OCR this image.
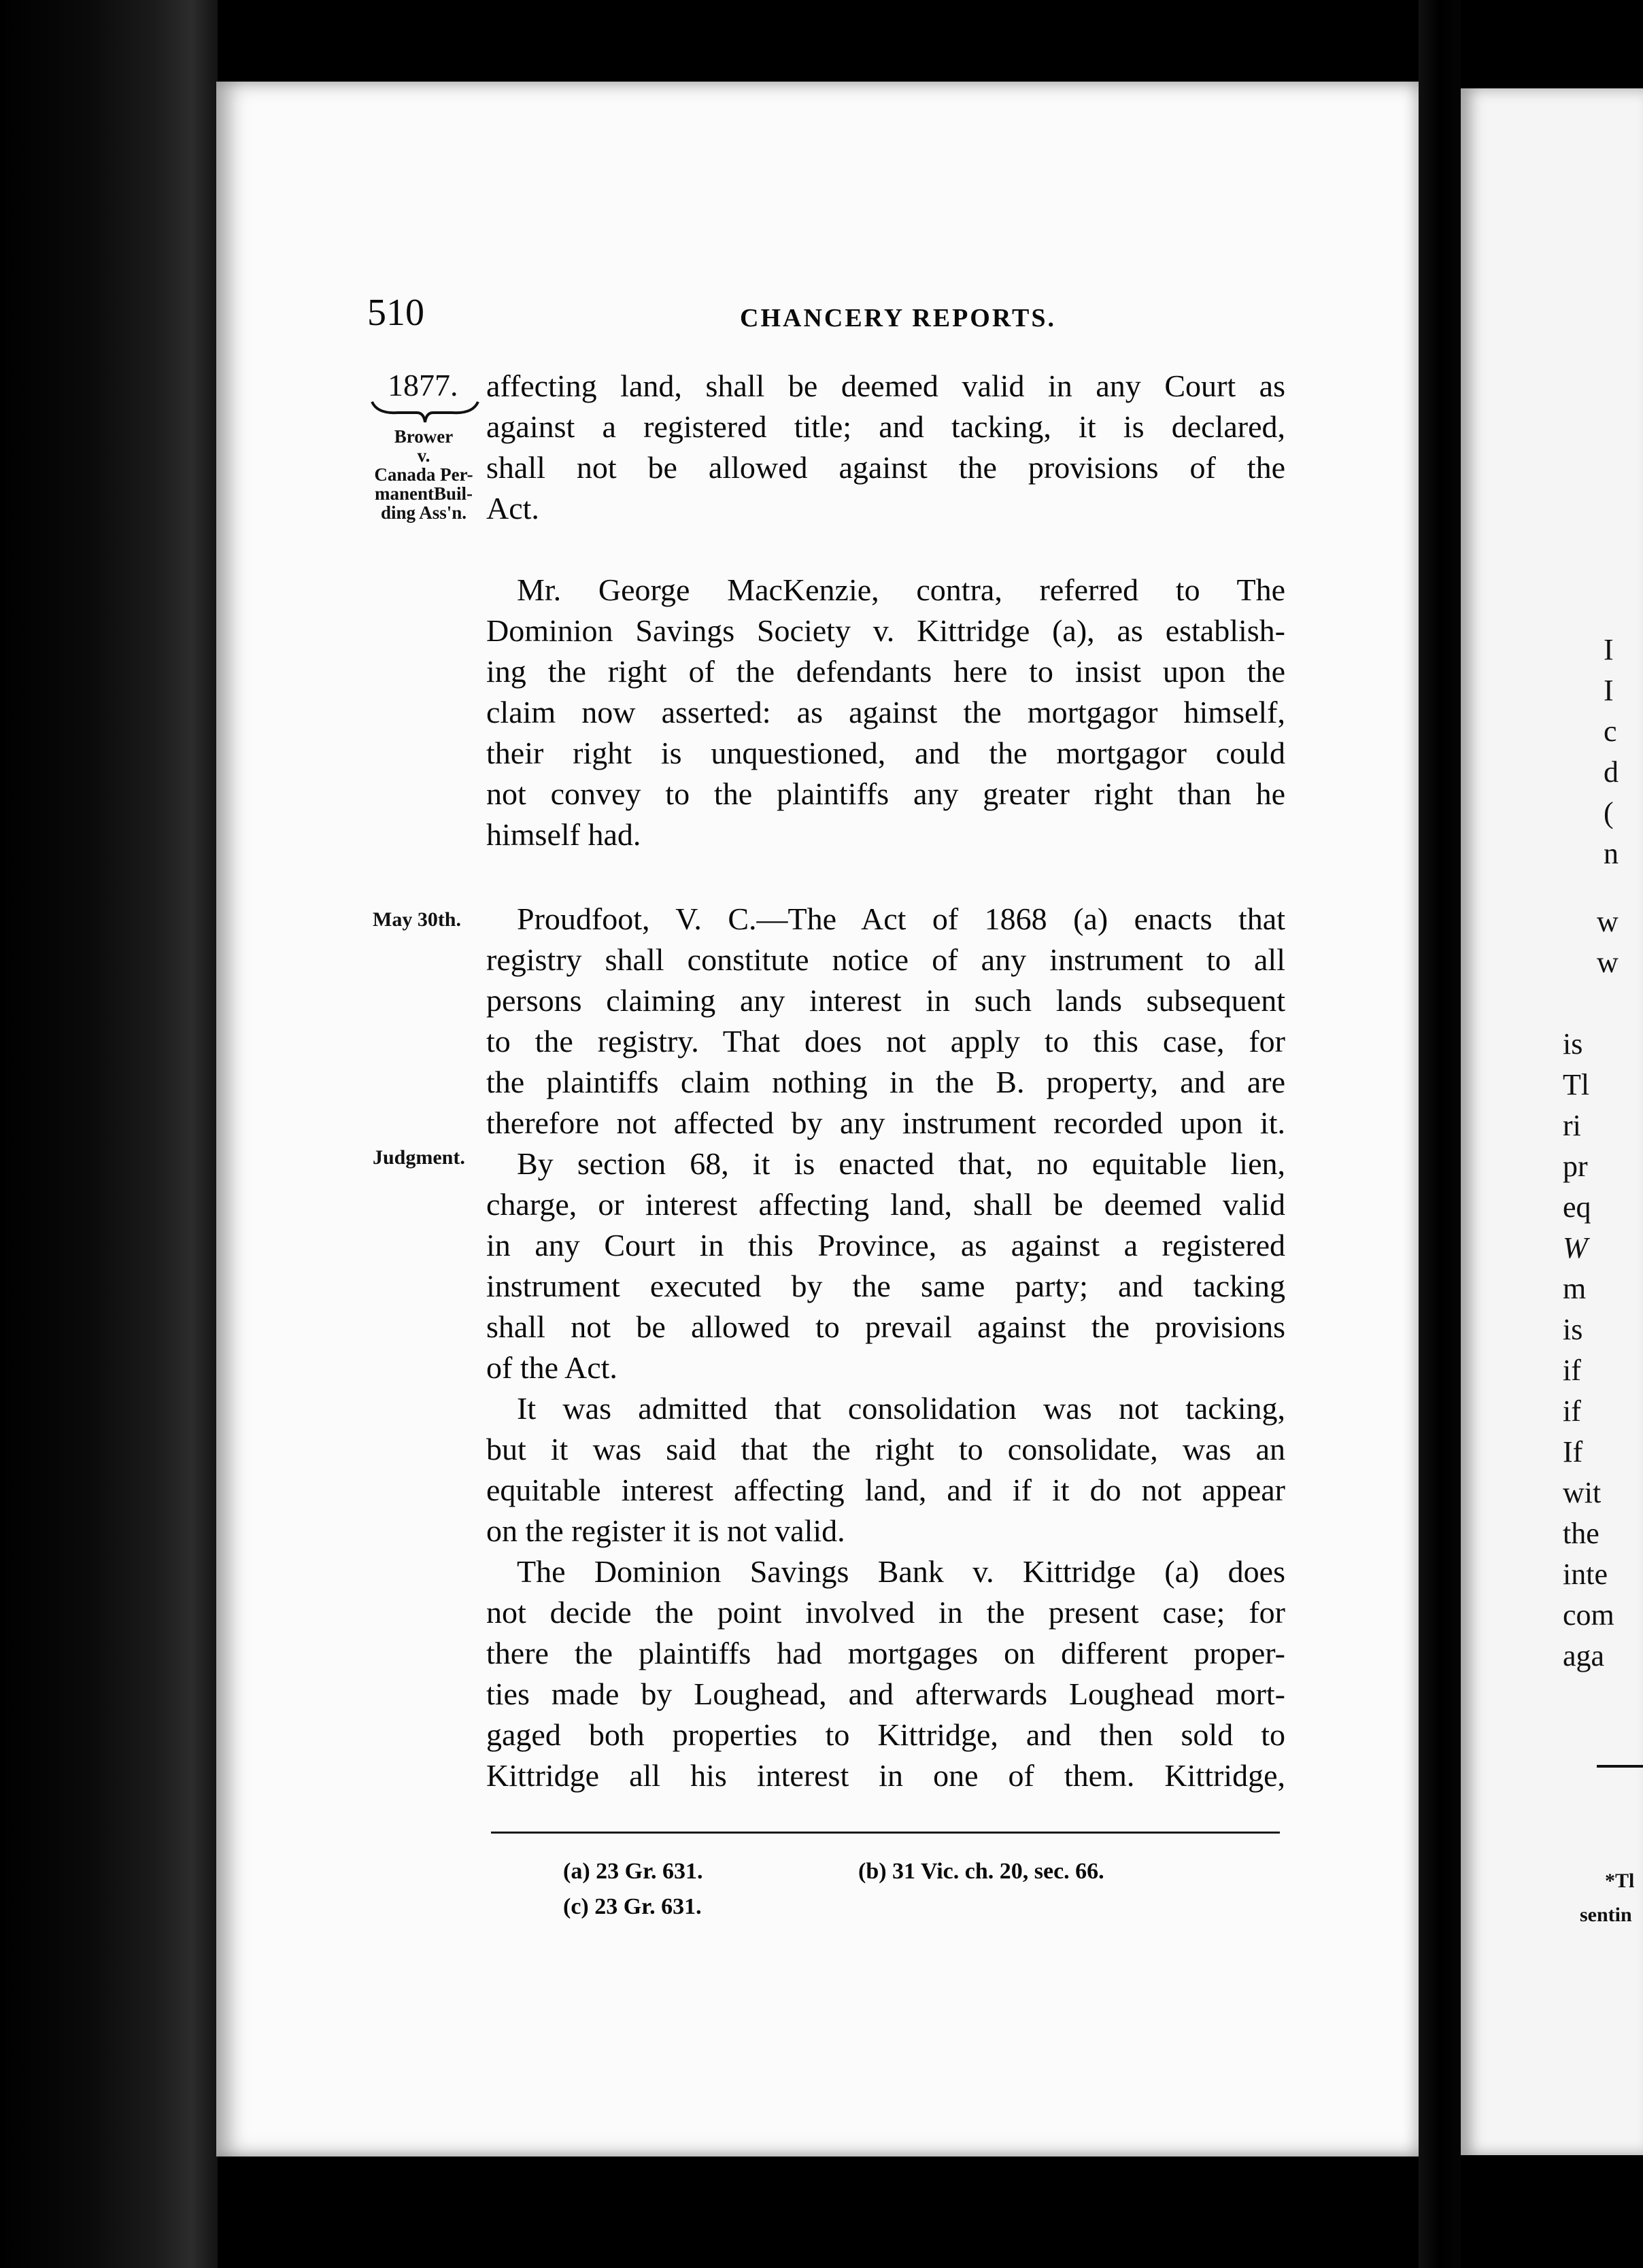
I
I
c
d
(
n
w
w
is
Tl
ri
pr
eq
W
m
is
if
if
If
wit
the
inte
com
aga
*Tl
sentin
510	CHANCERY REPORTS.
1877.
Brower
v.
Canada Per-
manentBuil-
ding Ass'n.
May 30th.
Judgment.
affecting land, shall be deemed valid in any Court as
against a registered title; and tacking, it is declared,
shall not be allowed against the provisions of the
Act.
Mr. George MacKenzie, contra, referred to The
Dominion Savings Society v. Kittridge (a), as establish-
ing the right of the defendants here to insist upon the
claim now asserted: as against the mortgagor himself,
their right is unquestioned, and the mortgagor could
not convey to the plaintiffs any greater right than he
himself had.
Proudfoot, V. C.—The Act of 1868 (a) enacts that
registry shall constitute notice of any instrument to all
persons claiming any interest in such lands subsequent
to the registry. That does not apply to this case, for
the plaintiffs claim nothing in the B. property, and are
therefore not affected by any instrument recorded upon it.
By section 68, it is enacted that, no equitable lien,
charge, or interest affecting land, shall be deemed valid
in any Court in this Province, as against a registered
instrument executed by the same party; and tacking
shall not be allowed to prevail against the provisions
of the Act.
It was admitted that consolidation was not tacking,
but it was said that the right to consolidate, was an
equitable interest affecting land, and if it do not appear
on the register it is not valid.
The Dominion Savings Bank v. Kittridge (a) does
not decide the point involved in the present case; for
there the plaintiffs had mortgages on different proper-
ties made by Loughead, and afterwards Loughead mort-
gaged both properties to Kittridge, and then sold to
Kittridge all his interest in one of them. Kittridge,
(a) 23 Gr. 631.	(b) 31 Vic. ch. 20, sec. 66.
(c) 23 Gr. 631.
